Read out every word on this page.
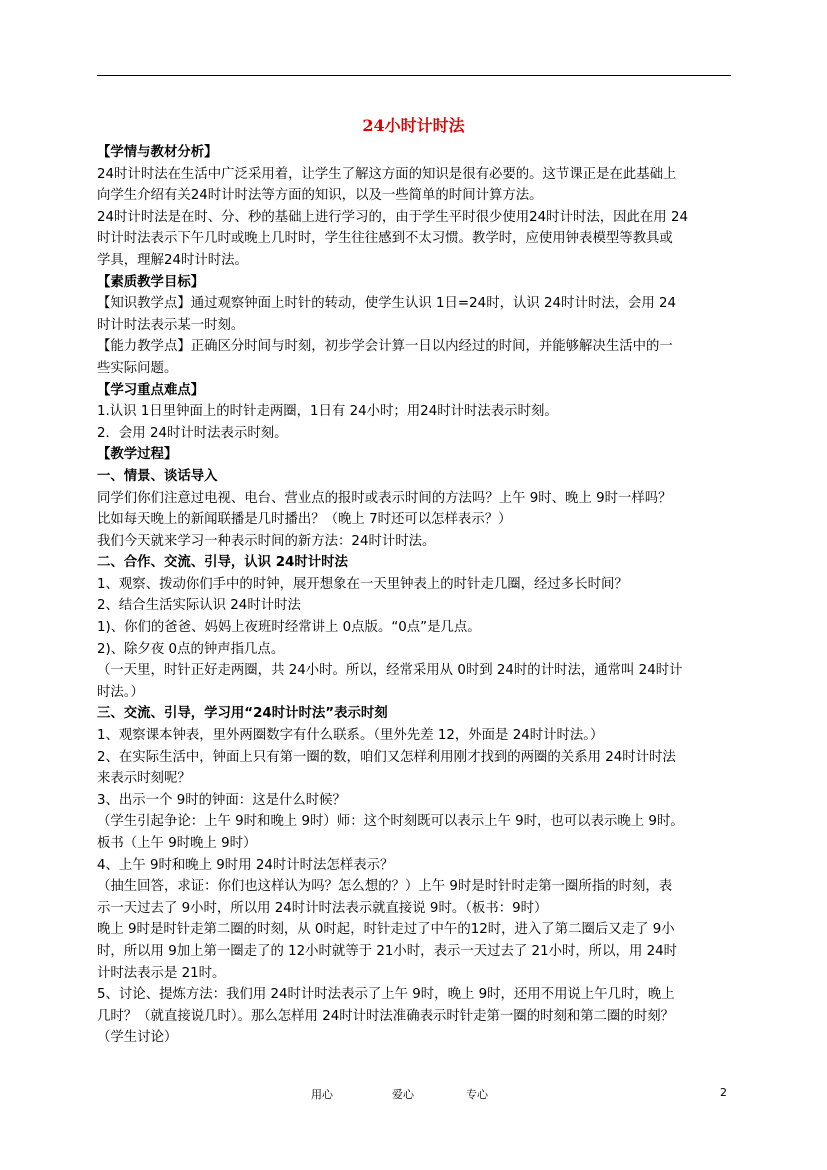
24小时计时法
【学情与教材分析】
24时计时法在生活中广泛采用着，让学生了解这方面的知识是很有必要的。这节课正是在此基础上
向学生介绍有关24时计时法等方面的知识，以及一些简单的时间计算方法。
24时计时法是在时、分、秒的基础上进行学习的，由于学生平时很少使用24时计时法，因此在用 24
时计时法表示下午几时或晚上几时时，学生往往感到不太习惯。教学时，应使用钟表模型等教具或
学具，理解24时计时法。
【素质教学目标】
【知识教学点】通过观察钟面上时针的转动，使学生认识 1日=24时，认识 24时计时法，会用 24
时计时法表示某一时刻。
【能力教学点】正确区分时间与时刻，初步学会计算一日以内经过的时间，并能够解决生活中的一
些实际问题。
【学习重点难点】
1.认识 1日里钟面上的时针走两圈，1日有 24小时；用24时计时法表示时刻。
2．会用 24时计时法表示时刻。
【教学过程】
一、情景、谈话导入
同学们你们注意过电视、电台、营业点的报时或表示时间的方法吗？上午 9时、晚上 9时一样吗？
比如每天晚上的新闻联播是几时播出？（晚上 7时还可以怎样表示？）
我们今天就来学习一种表示时间的新方法：24时计时法。
二、合作、交流、引导，认识 24时计时法
1、观察、拨动你们手中的时钟，展开想象在一天里钟表上的时针走几圈，经过多长时间？
2、结合生活实际认识 24时计时法
1)、你们的爸爸、妈妈上夜班时经常讲上 0点版。“0点”是几点。
2)、除夕夜 0点的钟声指几点。
（一天里，时针正好走两圈，共 24小时。所以，经常采用从 0时到 24时的计时法，通常叫 24时计
时法。）
三、交流、引导，学习用“24时计时法”表示时刻
1、观察课本钟表，里外两圈数字有什么联系。（里外先差 12，外面是 24时计时法。）
2、在实际生活中，钟面上只有第一圈的数，咱们又怎样利用刚才找到的两圈的关系用 24时计时法
来表示时刻呢？
3、出示一个 9时的钟面：这是什么时候？
（学生引起争论：上午 9时和晚上 9时）师：这个时刻既可以表示上午 9时，也可以表示晚上 9时。
板书（上午 9时晚上 9时）
4、上午 9时和晚上 9时用 24时计时法怎样表示？
（抽生回答，求证：你们也这样认为吗？怎么想的？）上午 9时是时针时走第一圈所指的时刻，表
示一天过去了 9小时，所以用 24时计时法表示就直接说 9时。（板书：9时）
晚上 9时是时针走第二圈的时刻，从 0时起，时针走过了中午的12时，进入了第二圈后又走了 9小
时，所以用 9加上第一圈走了的 12小时就等于 21小时，表示一天过去了 21小时，所以，用 24时
计时法表示是 21时。
5、讨论、提炼方法：我们用 24时计时法表示了上午 9时，晚上 9时，还用不用说上午几时，晚上
几时？（就直接说几时）。那么怎样用 24时计时法准确表示时针走第一圈的时刻和第二圈的时刻？
（学生讨论）
用心	爱心	专心	2
